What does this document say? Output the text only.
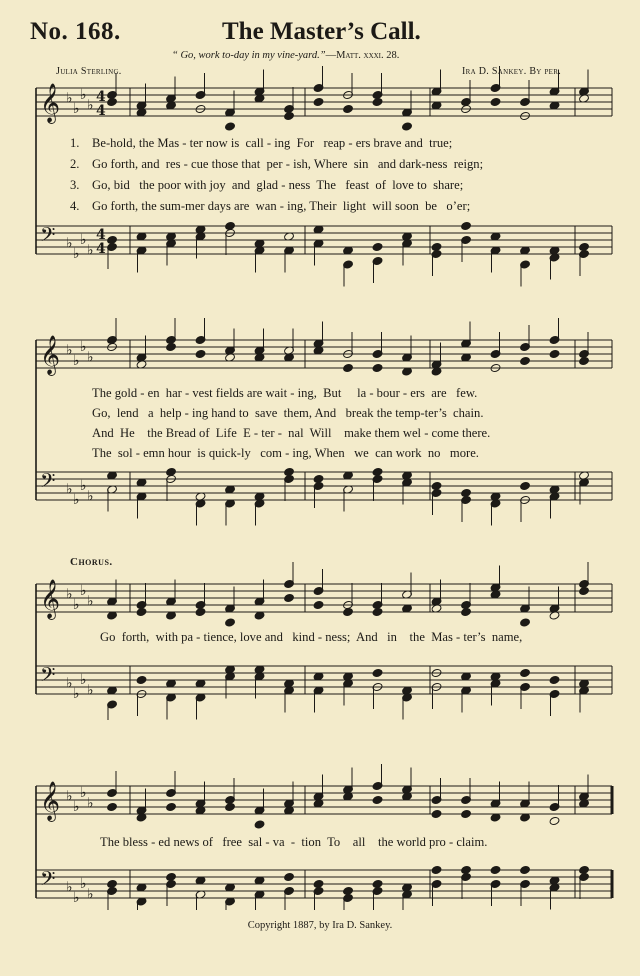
No. 168.	The Master’s Call.
“ Go, work to-day in my vine-yard.”—Matt. xxxi. 28.
Julia Sterling.	Ira D. Sankey. By per.
𝄞 ♭
♭
♭
♭
4
4
𝄢 ♭
♭
♭
♭
4
4
1. Be-hold, the Mas - ter now is  call - ing  For   reap - ers brave and  true;
2. Go forth, and  res - cue those that  per - ish, Where  sin   and dark-ness  reign;
3. Go, bid   the poor with joy  and  glad - ness  The   feast  of  love to  share;
4. Go forth, the sum-mer days are  wan - ing, Their  light  will soon  be   o’er;
𝄞 ♭
♭
♭
♭
𝄢 ♭
♭
♭
♭
The gold - en  har - vest fields are wait - ing,  But     la - bour - ers  are   few.
Go,  lend   a  help - ing hand to  save  them, And   break the temp-ter’s  chain.
And  He    the Bread of  Life  E - ter -  nal  Will    make them wel - come there.
The  sol - emn hour  is quick-ly   com - ing, When   we  can work  no   more.
Chorus.
𝄞 ♭
♭
♭
♭
𝄢 ♭
♭
♭
♭
Go  forth,  with pa - tience, love and   kind - ness;  And   in    the  Mas - ter’s  name,
𝄞 ♭
♭
♭
♭
𝄢 ♭
♭
♭
♭
The bless - ed news of   free  sal - va  -  tion  To    all    the world pro - claim.
Copyright 1887, by Ira D. Sankey.
